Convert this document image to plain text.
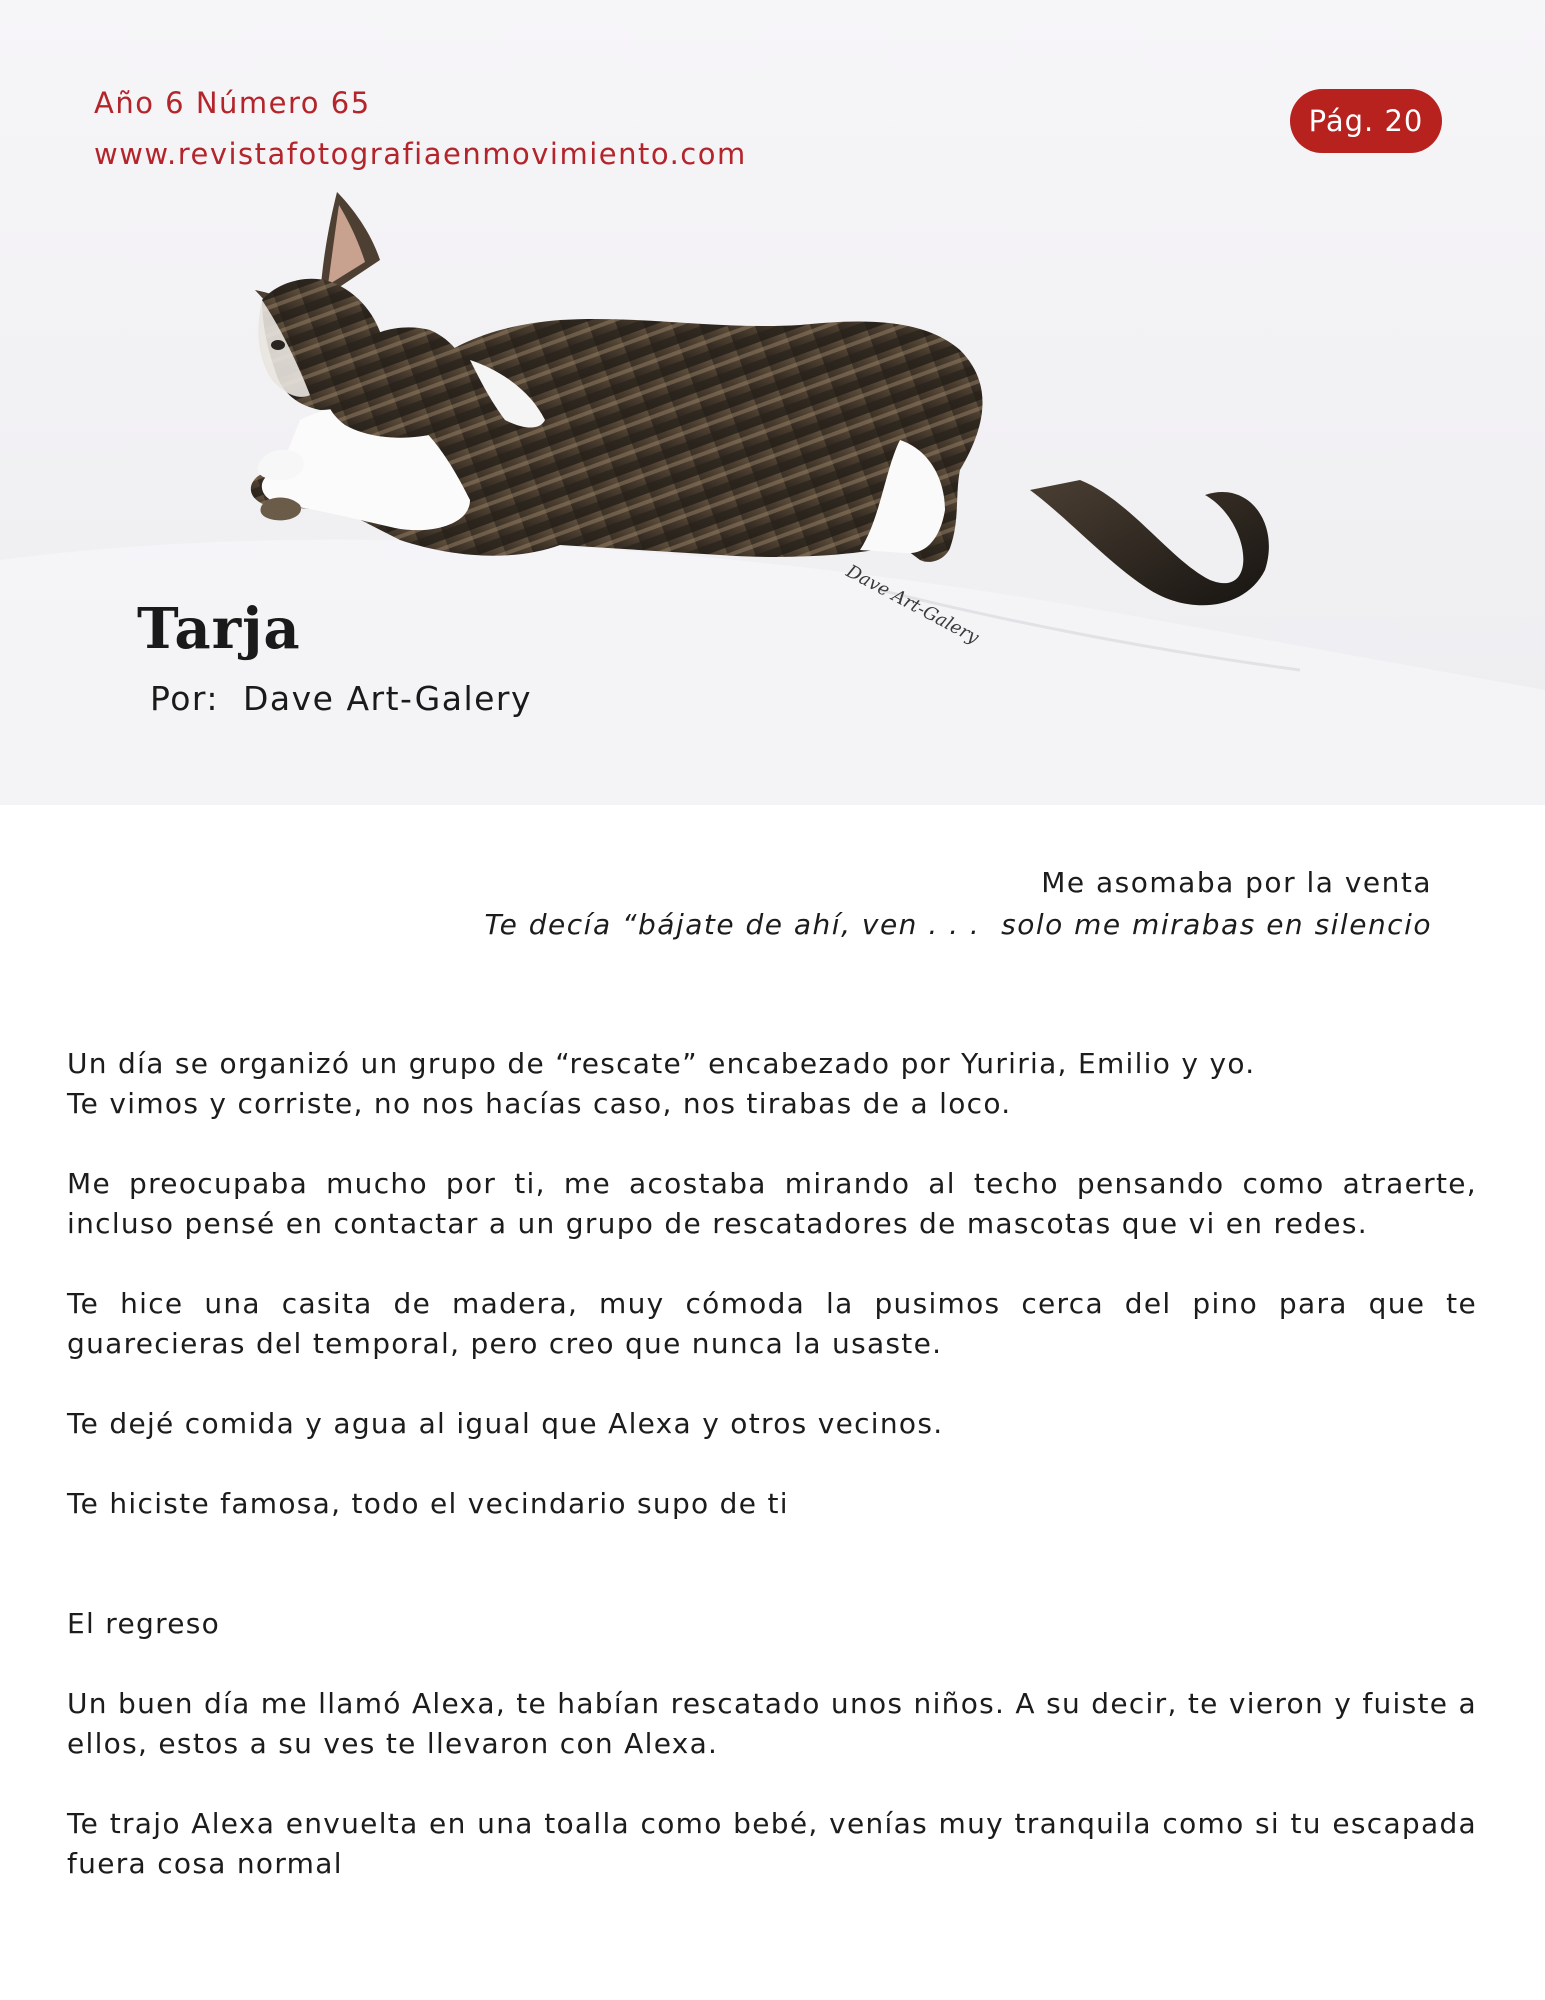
Dave Art-Galery
Año 6 Número 65
www.revistafotografiaenmovimiento.com
Pág. 20
Tarja
Por:  Dave Art-Galery
Me asomaba por la venta
Te decía “bájate de ahí, ven . . .  solo me mirabas en silencio

Un día se organizó un grupo de “rescate” encabezado por Yuriria, Emilio y yo.
Te vimos y corriste, no nos hacías caso, nos tirabas de a loco.

Me preocupaba mucho por ti, me acostaba mirando al techo pensando como atraerte, incluso pensé en contactar a un grupo de rescatadores de mascotas que vi en redes.

Te hice una casita de madera, muy cómoda la pusimos cerca del pino para que te guarecieras del temporal, pero creo que nunca la usaste.

Te dejé comida y agua al igual que Alexa y otros vecinos.

Te hiciste famosa, todo el vecindario supo de ti

El regreso

Un buen día me llamó Alexa, te habían rescatado unos niños. A su decir, te vieron y fuiste a ellos, estos a su ves te llevaron con Alexa.

Te trajo Alexa envuelta en una toalla como bebé, venías muy tranquila como si tu escapada fuera cosa normal
